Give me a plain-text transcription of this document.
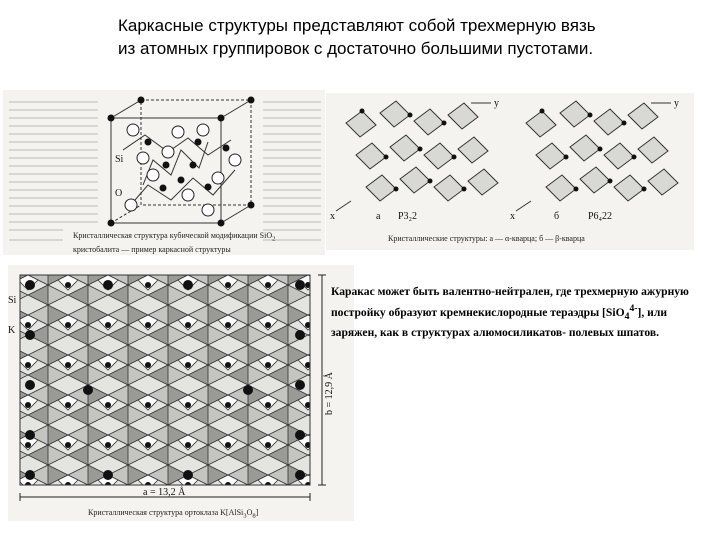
Каркасные структуры представляют собой трехмерную вязь
из атомных группировок с достаточно большими пустотами.
Si
O
Кристаллическая структура кубической модификации SiO$_2$
кристобалита — пример каркасной структуры
x
y
x
y
а P3₂2	б	P6₄22
Кристаллические структуры: а — α-кварца; б — β-кварца
a = 13,2 Å
b = 12,9 Å
K
Si
Кристаллическая структура ортоклаза $K[AlSi_3O_8]$
Каракас может быть валентно-нейтрален, где трехмерную ажурную постройку образуют кремнекислородные тераэдры [SiO$_4^{4-}$], или заряжен, как в структурах алюмосиликатов- полевых шпатов.
